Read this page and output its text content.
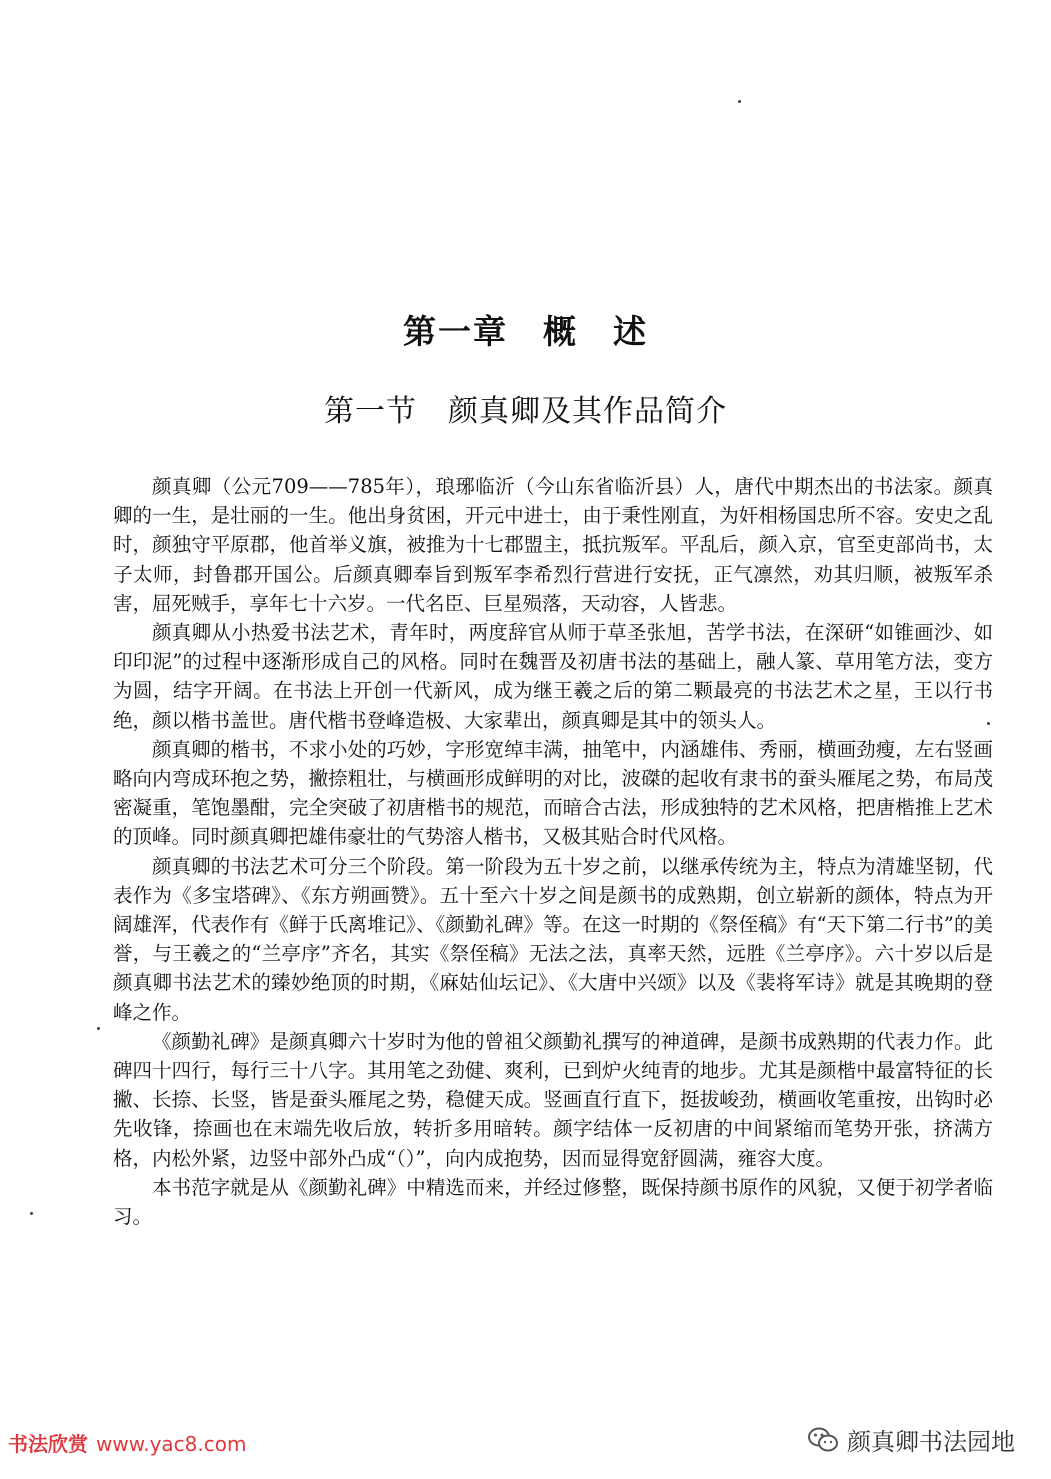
第一章　概　述
第一节　颜真卿及其作品简介

颜真卿（公元709——785年），琅琊临沂（今山东省临沂县）人，唐代中期杰出的书法家。颜真卿的一生，是壮丽的一生。他出身贫困，开元中进士，由于秉性刚直，为奸相杨国忠所不容。安史之乱时，颜独守平原郡，他首举义旗，被推为十七郡盟主，抵抗叛军。平乱后，颜入京，官至吏部尚书，太子太师，封鲁郡开国公。后颜真卿奉旨到叛军李希烈行营进行安抚，正气凛然，劝其归顺，被叛军杀害，屈死贼手，享年七十六岁。一代名臣、巨星殒落，天动容，人皆悲。

颜真卿从小热爱书法艺术，青年时，两度辞官从师于草圣张旭，苦学书法，在深研“如锥画沙、如印印泥”的过程中逐渐形成自己的风格。同时在魏晋及初唐书法的基础上，融人篆、草用笔方法，变方为圆，结字开阔。在书法上开创一代新风，成为继王羲之后的第二颗最亮的书法艺术之星，王以行书绝，颜以楷书盖世。唐代楷书登峰造极、大家辈出，颜真卿是其中的领头人。

颜真卿的楷书，不求小处的巧妙，字形宽绰丰满，抽笔中，内涵雄伟、秀丽，横画劲瘦，左右竖画略向内弯成环抱之势，撇捺粗壮，与横画形成鲜明的对比，波磔的起收有隶书的蚕头雁尾之势，布局茂密凝重，笔饱墨酣，完全突破了初唐楷书的规范，而暗合古法，形成独特的艺术风格，把唐楷推上艺术的顶峰。同时颜真卿把雄伟豪壮的气势溶人楷书，又极其贴合时代风格。

颜真卿的书法艺术可分三个阶段。第一阶段为五十岁之前，以继承传统为主，特点为清雄坚韧，代表作为《多宝塔碑》、《东方朔画赞》。五十至六十岁之间是颜书的成熟期，创立崭新的颜体，特点为开阔雄浑，代表作有《鲜于氏离堆记》、《颜勤礼碑》等。在这一时期的《祭侄稿》有“天下第二行书”的美誉，与王羲之的“兰亭序”齐名，其实《祭侄稿》无法之法，真率天然，远胜《兰亭序》。六十岁以后是颜真卿书法艺术的臻妙绝顶的时期，《麻姑仙坛记》、《大唐中兴颂》以及《裴将军诗》就是其晚期的登峰之作。

《颜勤礼碑》是颜真卿六十岁时为他的曾祖父颜勤礼撰写的神道碑，是颜书成熟期的代表力作。此碑四十四行，每行三十八字。其用笔之劲健、爽利，已到炉火纯青的地步。尤其是颜楷中最富特征的长撇、长捺、长竖，皆是蚕头雁尾之势，稳健天成。竖画直行直下，挺拔峻劲，横画收笔重按，出钩时必先收锋，捺画也在末端先收后放，转折多用暗转。颜字结体一反初唐的中间紧缩而笔势开张，挤满方格，内松外紧，边竖中部外凸成“（）”，向内成抱势，因而显得宽舒圆满，雍容大度。

本书范字就是从《颜勤礼碑》中精选而来，并经过修整，既保持颜书原作的风貌，又便于初学者临习。

书法欣赏 www.yac8.com	颜真卿书法园地
